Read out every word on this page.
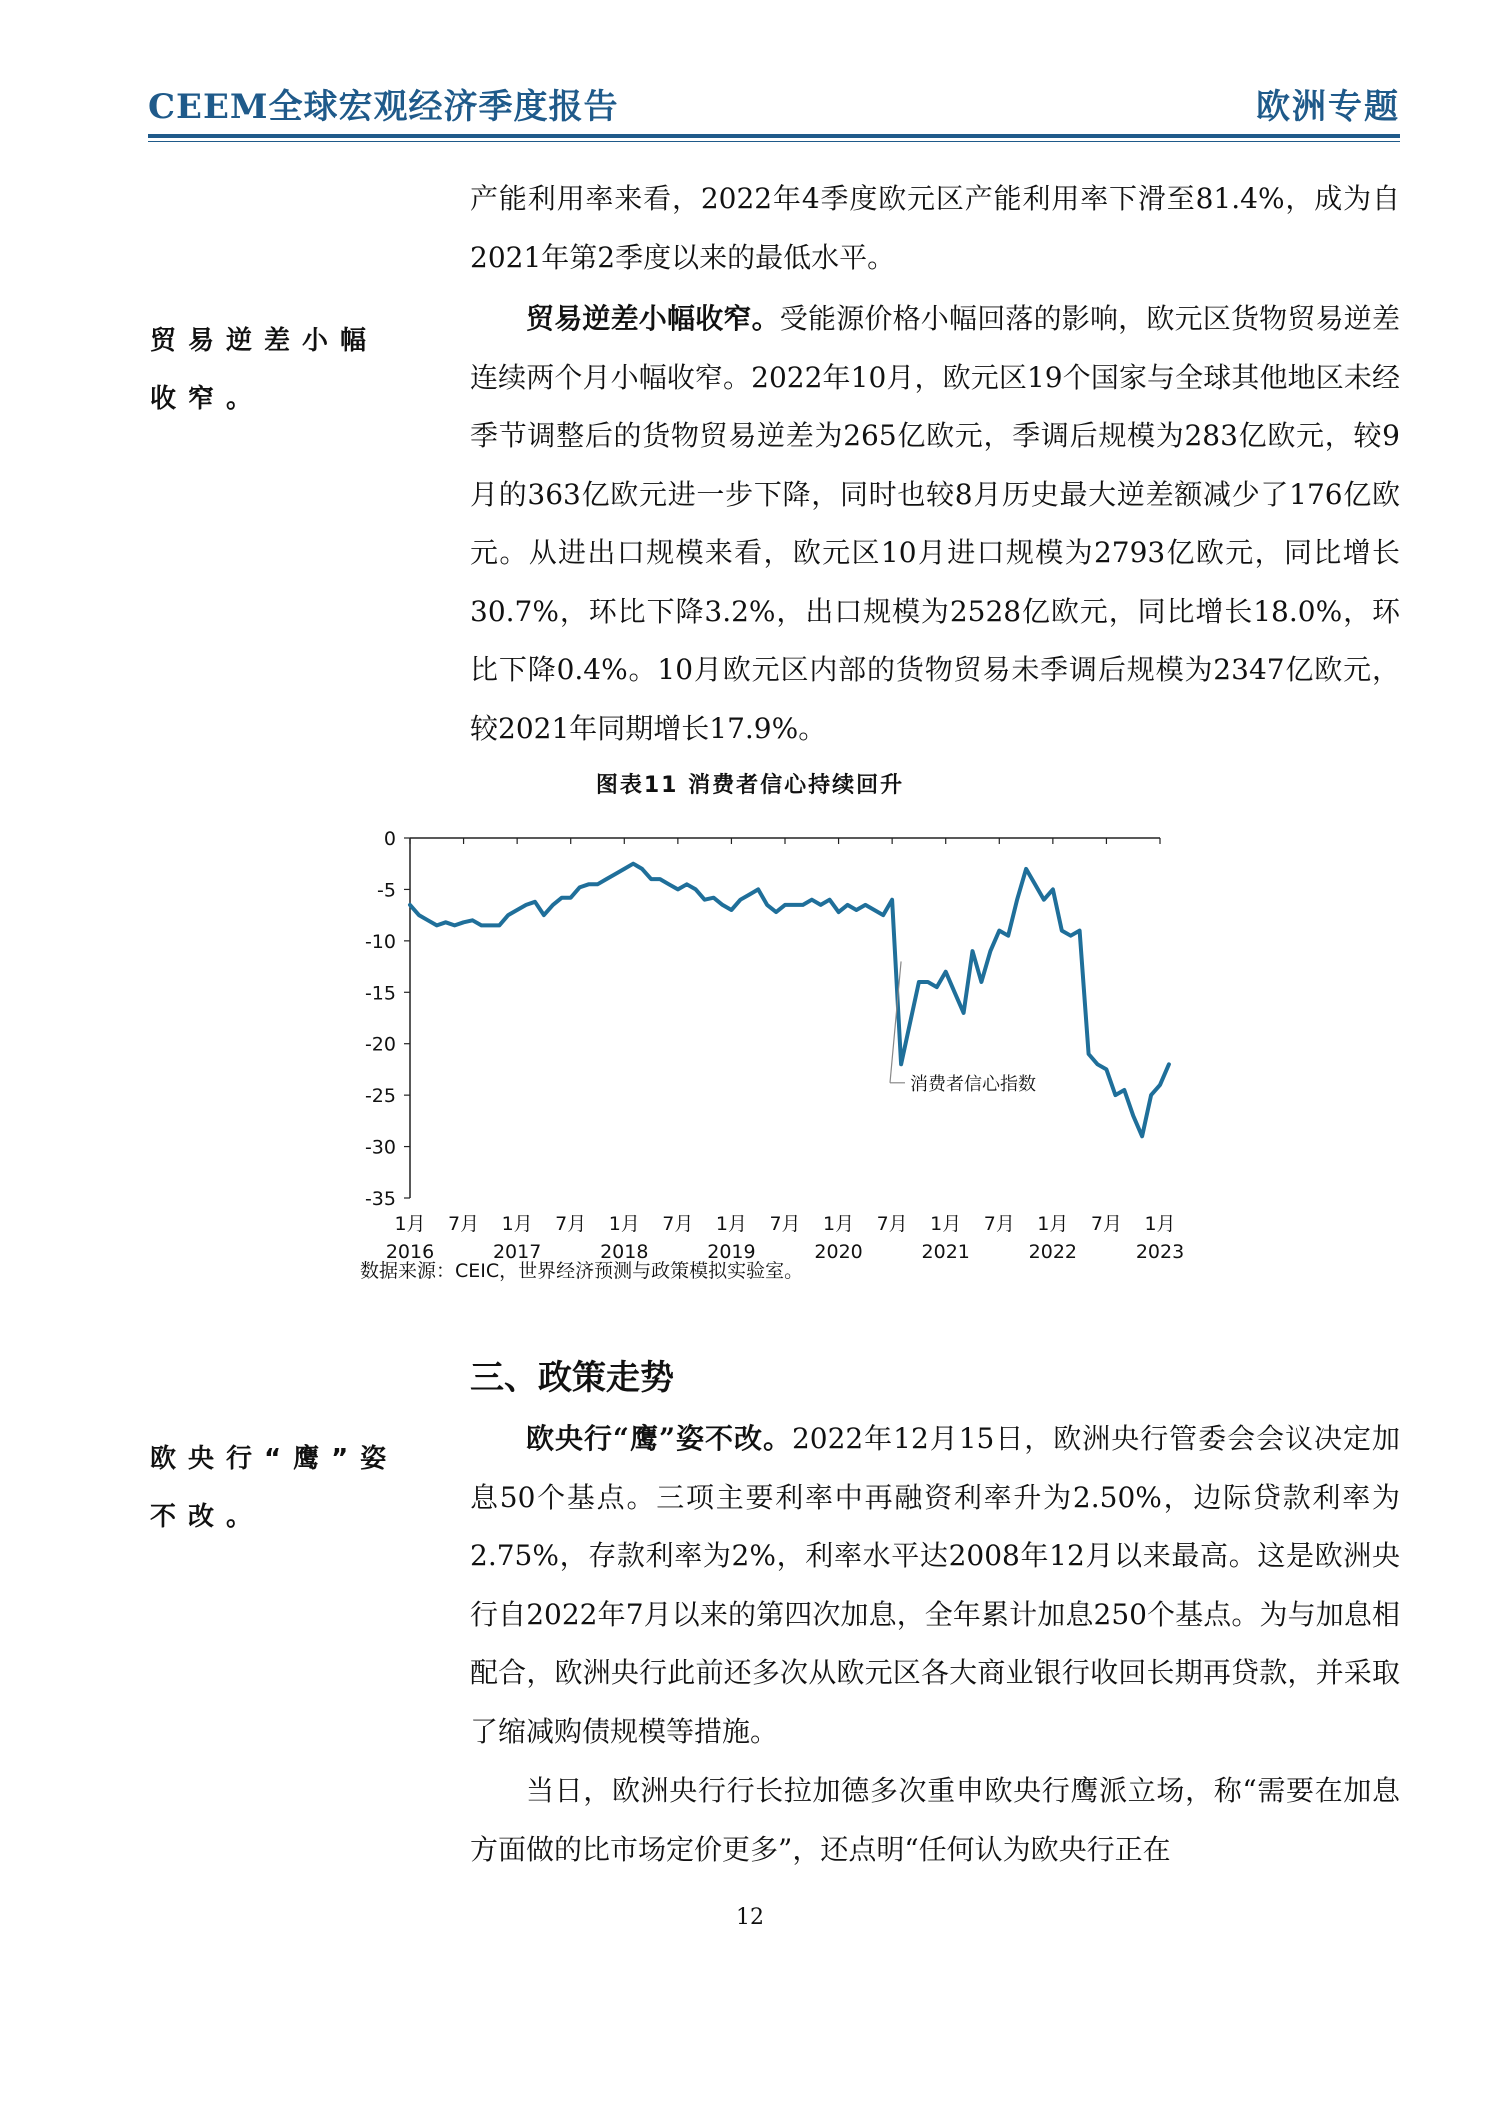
CEEM全球宏观经济季度报告	欧洲专题

产能利用率来看，2022年4季度欧元区产能利用率下滑至81.4%，成为自2021年第2季度以来的最低水平。

贸易逆差小幅收窄。

贸易逆差小幅收窄。受能源价格小幅回落的影响，欧元区货物贸易逆差连续两个月小幅收窄。2022年10月，欧元区19个国家与全球其他地区未经季节调整后的货物贸易逆差为265亿欧元，季调后规模为283亿欧元，较9月的363亿欧元进一步下降，同时也较8月历史最大逆差额减少了176亿欧元。从进出口规模来看，欧元区10月进口规模为2793亿欧元，同比增长30.7%，环比下降3.2%，出口规模为2528亿欧元，同比增长18.0%，环比下降0.4%。10月欧元区内部的货物贸易未季调后规模为2347亿欧元，较2021年同期增长17.9%。

图表11 消费者信心持续回升
0
-5
-10
-15
-20
-25
-30
-35
1月 7月 1月 7月 1月 7月 1月 7月 1月 7月 1月 7月 1月 7月 1月
2016	2017	2018	2019	2020	2021	2022	2023
消费者信心指数
数据来源：CEIC，世界经济预测与政策模拟实验室。
三、政策走势
欧央行“鹰”姿不改。

欧央行“鹰”姿不改。2022年12月15日，欧洲央行管委会会议决定加息50个基点。三项主要利率中再融资利率升为2.50%，边际贷款利率为2.75%，存款利率为2%，利率水平达2008年12月以来最高。这是欧洲央行自2022年7月以来的第四次加息，全年累计加息250个基点。为与加息相配合，欧洲央行此前还多次从欧元区各大商业银行收回长期再贷款，并采取了缩减购债规模等措施。

当日，欧洲央行行长拉加德多次重申欧央行鹰派立场，称“需要在加息方面做的比市场定价更多”，还点明“任何认为欧央行正在

12
